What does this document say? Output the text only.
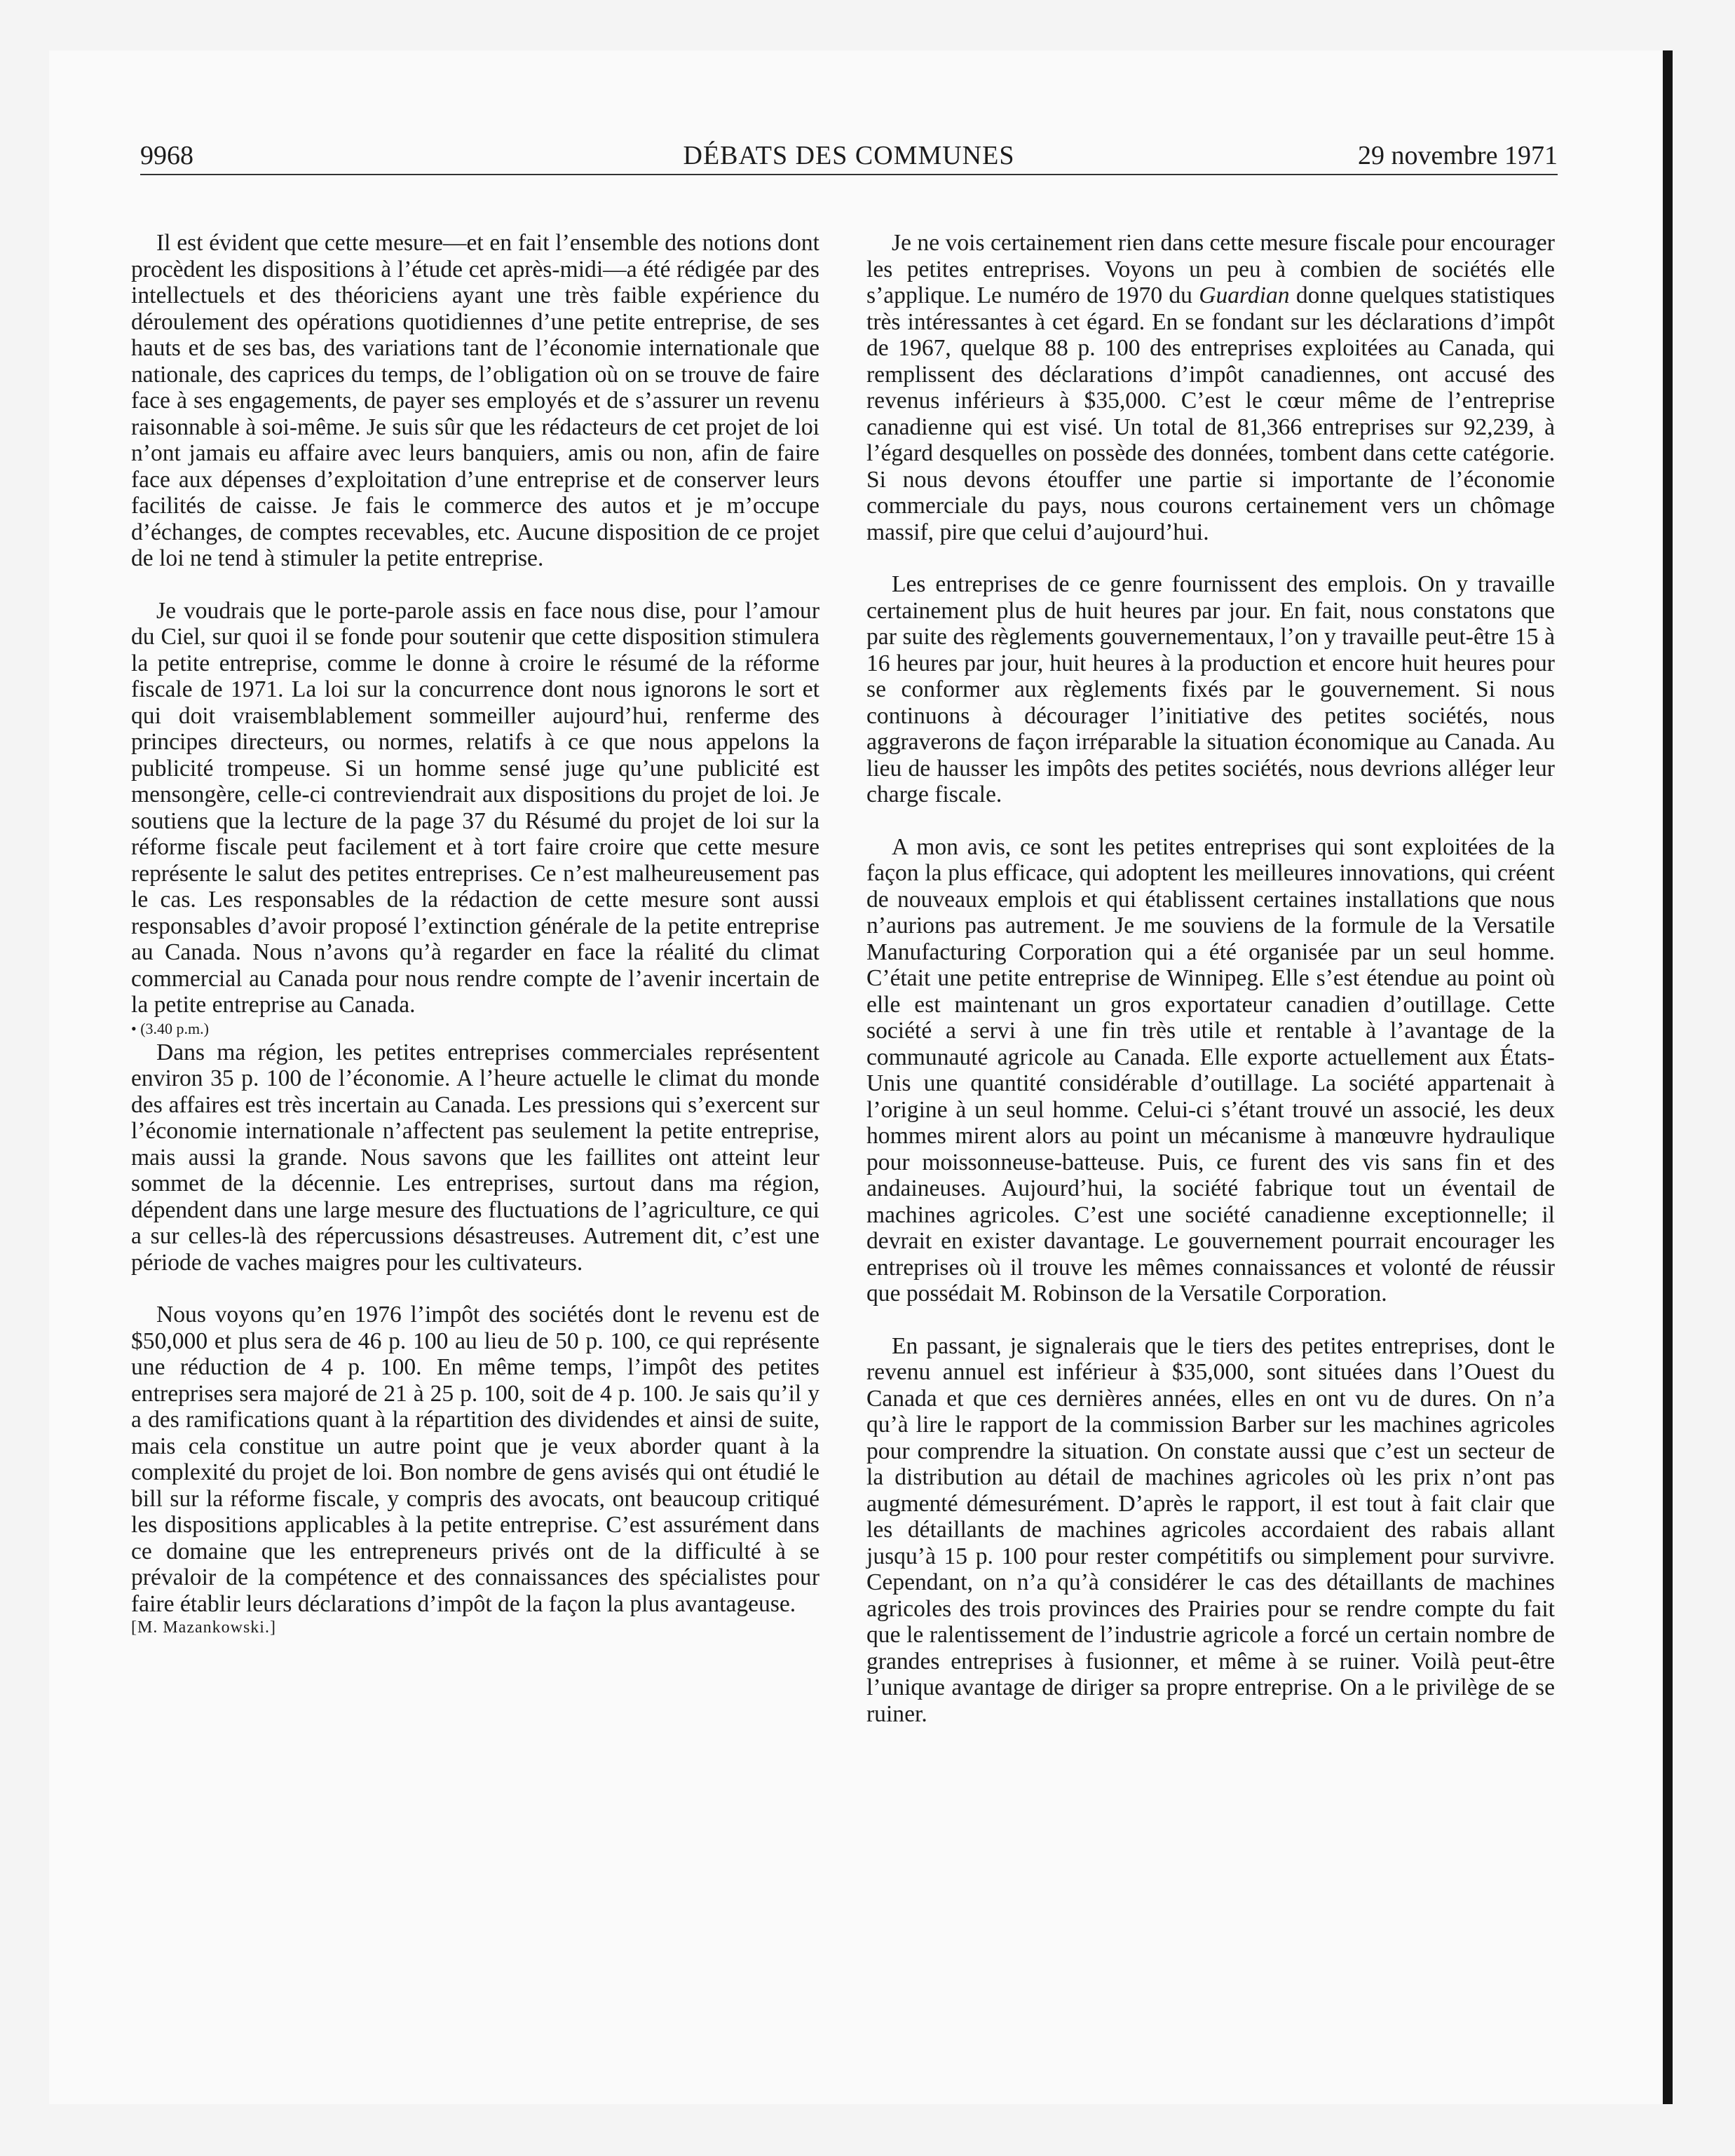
9968	DÉBATS DES COMMUNES	29 novembre 1971

Il est évident que cette mesure—et en fait l’ensemble des notions dont procèdent les dispositions à l’étude cet après-midi—a été rédigée par des intellectuels et des théoriciens ayant une très faible expérience du déroulement des opérations quotidiennes d’une petite entreprise, de ses hauts et de ses bas, des variations tant de l’économie internationale que nationale, des caprices du temps, de l’obligation où on se trouve de faire face à ses engagements, de payer ses employés et de s’assurer un revenu raisonnable à soi-même. Je suis sûr que les rédacteurs de cet projet de loi n’ont jamais eu affaire avec leurs banquiers, amis ou non, afin de faire face aux dépenses d’exploitation d’une entreprise et de conserver leurs facilités de caisse. Je fais le commerce des autos et je m’occupe d’échanges, de comptes recevables, etc. Aucune disposition de ce projet de loi ne tend à stimuler la petite entreprise.

Je voudrais que le porte-parole assis en face nous dise, pour l’amour du Ciel, sur quoi il se fonde pour soutenir que cette disposition stimulera la petite entreprise, comme le donne à croire le résumé de la réforme fiscale de 1971. La loi sur la concurrence dont nous ignorons le sort et qui doit vraisemblablement sommeiller aujourd’hui, renferme des principes directeurs, ou normes, relatifs à ce que nous appelons la publicité trompeuse. Si un homme sensé juge qu’une publicité est mensongère, celle-ci contreviendrait aux dispositions du projet de loi. Je soutiens que la lecture de la page 37 du Résumé du projet de loi sur la réforme fiscale peut facilement et à tort faire croire que cette mesure représente le salut des petites entreprises. Ce n’est malheureusement pas le cas. Les responsables de la rédaction de cette mesure sont aussi responsables d’avoir proposé l’extinction générale de la petite entreprise au Canada. Nous n’avons qu’à regarder en face la réalité du climat commercial au Canada pour nous rendre compte de l’avenir incertain de la petite entreprise au Canada.

• (3.40 p.m.)

Dans ma région, les petites entreprises commerciales représentent environ 35 p. 100 de l’économie. A l’heure actuelle le climat du monde des affaires est très incertain au Canada. Les pressions qui s’exercent sur l’économie internationale n’affectent pas seulement la petite entreprise, mais aussi la grande. Nous savons que les faillites ont atteint leur sommet de la décennie. Les entreprises, surtout dans ma région, dépendent dans une large mesure des fluctuations de l’agriculture, ce qui a sur celles-là des répercussions désastreuses. Autrement dit, c’est une période de vaches maigres pour les cultivateurs.

Nous voyons qu’en 1976 l’impôt des sociétés dont le revenu est de $50,000 et plus sera de 46 p. 100 au lieu de 50 p. 100, ce qui représente une réduction de 4 p. 100. En même temps, l’impôt des petites entreprises sera majoré de 21 à 25 p. 100, soit de 4 p. 100. Je sais qu’il y a des ramifications quant à la répartition des dividendes et ainsi de suite, mais cela constitue un autre point que je veux aborder quant à la complexité du projet de loi. Bon nombre de gens avisés qui ont étudié le bill sur la réforme fiscale, y compris des avocats, ont beaucoup critiqué les dispositions applicables à la petite entreprise. C’est assurément dans ce domaine que les entrepreneurs privés ont de la difficulté à se prévaloir de la compétence et des connaissances des spécialistes pour faire établir leurs déclarations d’impôt de la façon la plus avantageuse.

[M. Mazankowski.]

Je ne vois certainement rien dans cette mesure fiscale pour encourager les petites entreprises. Voyons un peu à combien de sociétés elle s’applique. Le numéro de 1970 du Guardian donne quelques statistiques très intéressantes à cet égard. En se fondant sur les déclarations d’impôt de 1967, quelque 88 p. 100 des entreprises exploitées au Canada, qui remplissent des déclarations d’impôt canadiennes, ont accusé des revenus inférieurs à $35,000. C’est le cœur même de l’entreprise canadienne qui est visé. Un total de 81,366 entreprises sur 92,239, à l’égard desquelles on possède des données, tombent dans cette catégorie. Si nous devons étouffer une partie si importante de l’économie commerciale du pays, nous courons certainement vers un chômage massif, pire que celui d’aujourd’hui.

Les entreprises de ce genre fournissent des emplois. On y travaille certainement plus de huit heures par jour. En fait, nous constatons que par suite des règlements gouvernementaux, l’on y travaille peut-être 15 à 16 heures par jour, huit heures à la production et encore huit heures pour se conformer aux règlements fixés par le gouvernement. Si nous continuons à décourager l’initiative des petites sociétés, nous aggraverons de façon irréparable la situation économique au Canada. Au lieu de hausser les impôts des petites sociétés, nous devrions alléger leur charge fiscale.

A mon avis, ce sont les petites entreprises qui sont exploitées de la façon la plus efficace, qui adoptent les meilleures innovations, qui créent de nouveaux emplois et qui établissent certaines installations que nous n’aurions pas autrement. Je me souviens de la formule de la Versatile Manufacturing Corporation qui a été organisée par un seul homme. C’était une petite entreprise de Winnipeg. Elle s’est étendue au point où elle est maintenant un gros exportateur canadien d’outillage. Cette société a servi à une fin très utile et rentable à l’avantage de la communauté agricole au Canada. Elle exporte actuellement aux États-Unis une quantité considérable d’outillage. La société appartenait à l’origine à un seul homme. Celui-ci s’étant trouvé un associé, les deux hommes mirent alors au point un mécanisme à manœuvre hydraulique pour moissonneuse-batteuse. Puis, ce furent des vis sans fin et des andaineuses. Aujourd’hui, la société fabrique tout un éventail de machines agricoles. C’est une société canadienne exceptionnelle; il devrait en exister davantage. Le gouvernement pourrait encourager les entreprises où il trouve les mêmes connaissances et volonté de réussir que possédait M. Robinson de la Versatile Corporation.

En passant, je signalerais que le tiers des petites entreprises, dont le revenu annuel est inférieur à $35,000, sont situées dans l’Ouest du Canada et que ces dernières années, elles en ont vu de dures. On n’a qu’à lire le rapport de la commission Barber sur les machines agricoles pour comprendre la situation. On constate aussi que c’est un secteur de la distribution au détail de machines agricoles où les prix n’ont pas augmenté démesurément. D’après le rapport, il est tout à fait clair que les détaillants de machines agricoles accordaient des rabais allant jusqu’à 15 p. 100 pour rester compétitifs ou simplement pour survivre. Cependant, on n’a qu’à considérer le cas des détaillants de machines agricoles des trois provinces des Prairies pour se rendre compte du fait que le ralentissement de l’industrie agricole a forcé un certain nombre de grandes entreprises à fusionner, et même à se ruiner. Voilà peut-être l’unique avantage de diriger sa propre entreprise. On a le privilège de se ruiner.
